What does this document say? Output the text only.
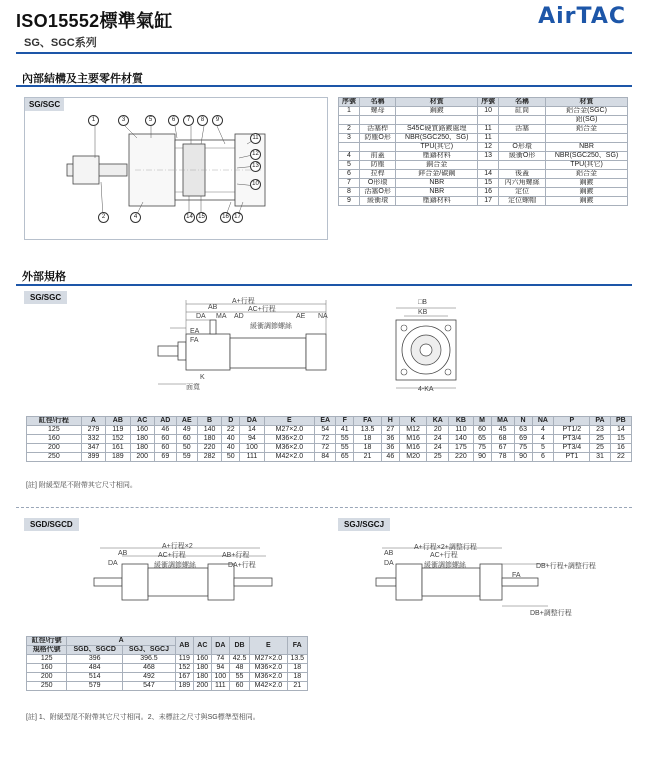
ISO15552標準氣缸
SG、SGC系列
AirTAC
內部結構及主要零件材質
SG/SGC
1	3	5	6	7	8	9
11
12
13
10
2	4	14 15	16 17
序號	名稱	材質	序號	名稱	材質
1	螺母	鋼鍍	10	缸筒	鋁合金(SGC)
					鋁(SG)
2	活塞桿	S45C硬質鉻鍍處理	11	活塞	鋁合金
3	防塵O形	NBR(SGC250、SG)	11		
		TPU(其它)	12	O形環	NBR
4	前蓋	壓鑄材料	13	緩衝O形	NBR(SGC250、SG)
5	防塵	銅合金			TPU(其它)
6	拉桿	鋅合金/碳鋼	14	後蓋	鋁合金
7	O形環	NBR	15	內六角螺絲	鋼鍍
8	活塞O形	NBR	16	定位	鋼鍍
9	緩衝環	壓鑄材料	17	定位螺帽	鋼鍍
外部規格
SG/SGC	A+行程
AC+行程
AB
NA
AE
DA MA AD
緩衝調節螺絲
EA
FA
K
面寬
□B
KB
4-KA
缸徑\行程	A	AB	AC	AD	AE	B	D	DA	E	EA	F	FA	H	K	KA	KB	M	MA	N	NA	P	PA	PB
125	279	119	160	46	49	140	22	14	M27×2.0	54	41	13.5	27	M12	20	110	60	45	63	4	PT1/2	23	14
160	332	152	180	60	60	180	40	94	M36×2.0	72	55	18	36	M16	24	140	65	68	69	4	PT3/4	25	15
200	347	161	180	60	50	220	40	100	M36×2.0	72	55	18	36	M16	24	175	75	67	75	5	PT3/4	25	16
250	399	189	200	69	59	282	50	111	M42×2.0	84	65	21	46	M20	25	220	90	78	90	6	PT1	31	22
[註] 附緩型尾不附帶其它尺寸相同。
SGD/SGCD	SGJ/SGCJ
A+行程×2
AB	AC+行程	AB+行程
DA	DA+行程
緩衝調節螺絲
A+行程×2+調整行程
AB	AC+行程
DB+行程+調整行程
DA
FA
緩衝調節螺絲
DB+調整行程
缸徑\行號	A		AB	AC	DA	DB	E	FA
規格代號	SGD、SGCD	SGJ、SGCJ						
125	396	396.5	119	160	74	42.5	M27×2.0	13.5
160	484	468	152	180	94	48	M36×2.0	18
200	514	492	167	180	100	55	M36×2.0	18
250	579	547	189	200	111	60	M42×2.0	21
[註] 1、附緩型尾不附帶其它尺寸相同。2、未標註之尺寸與SG標準型相同。
